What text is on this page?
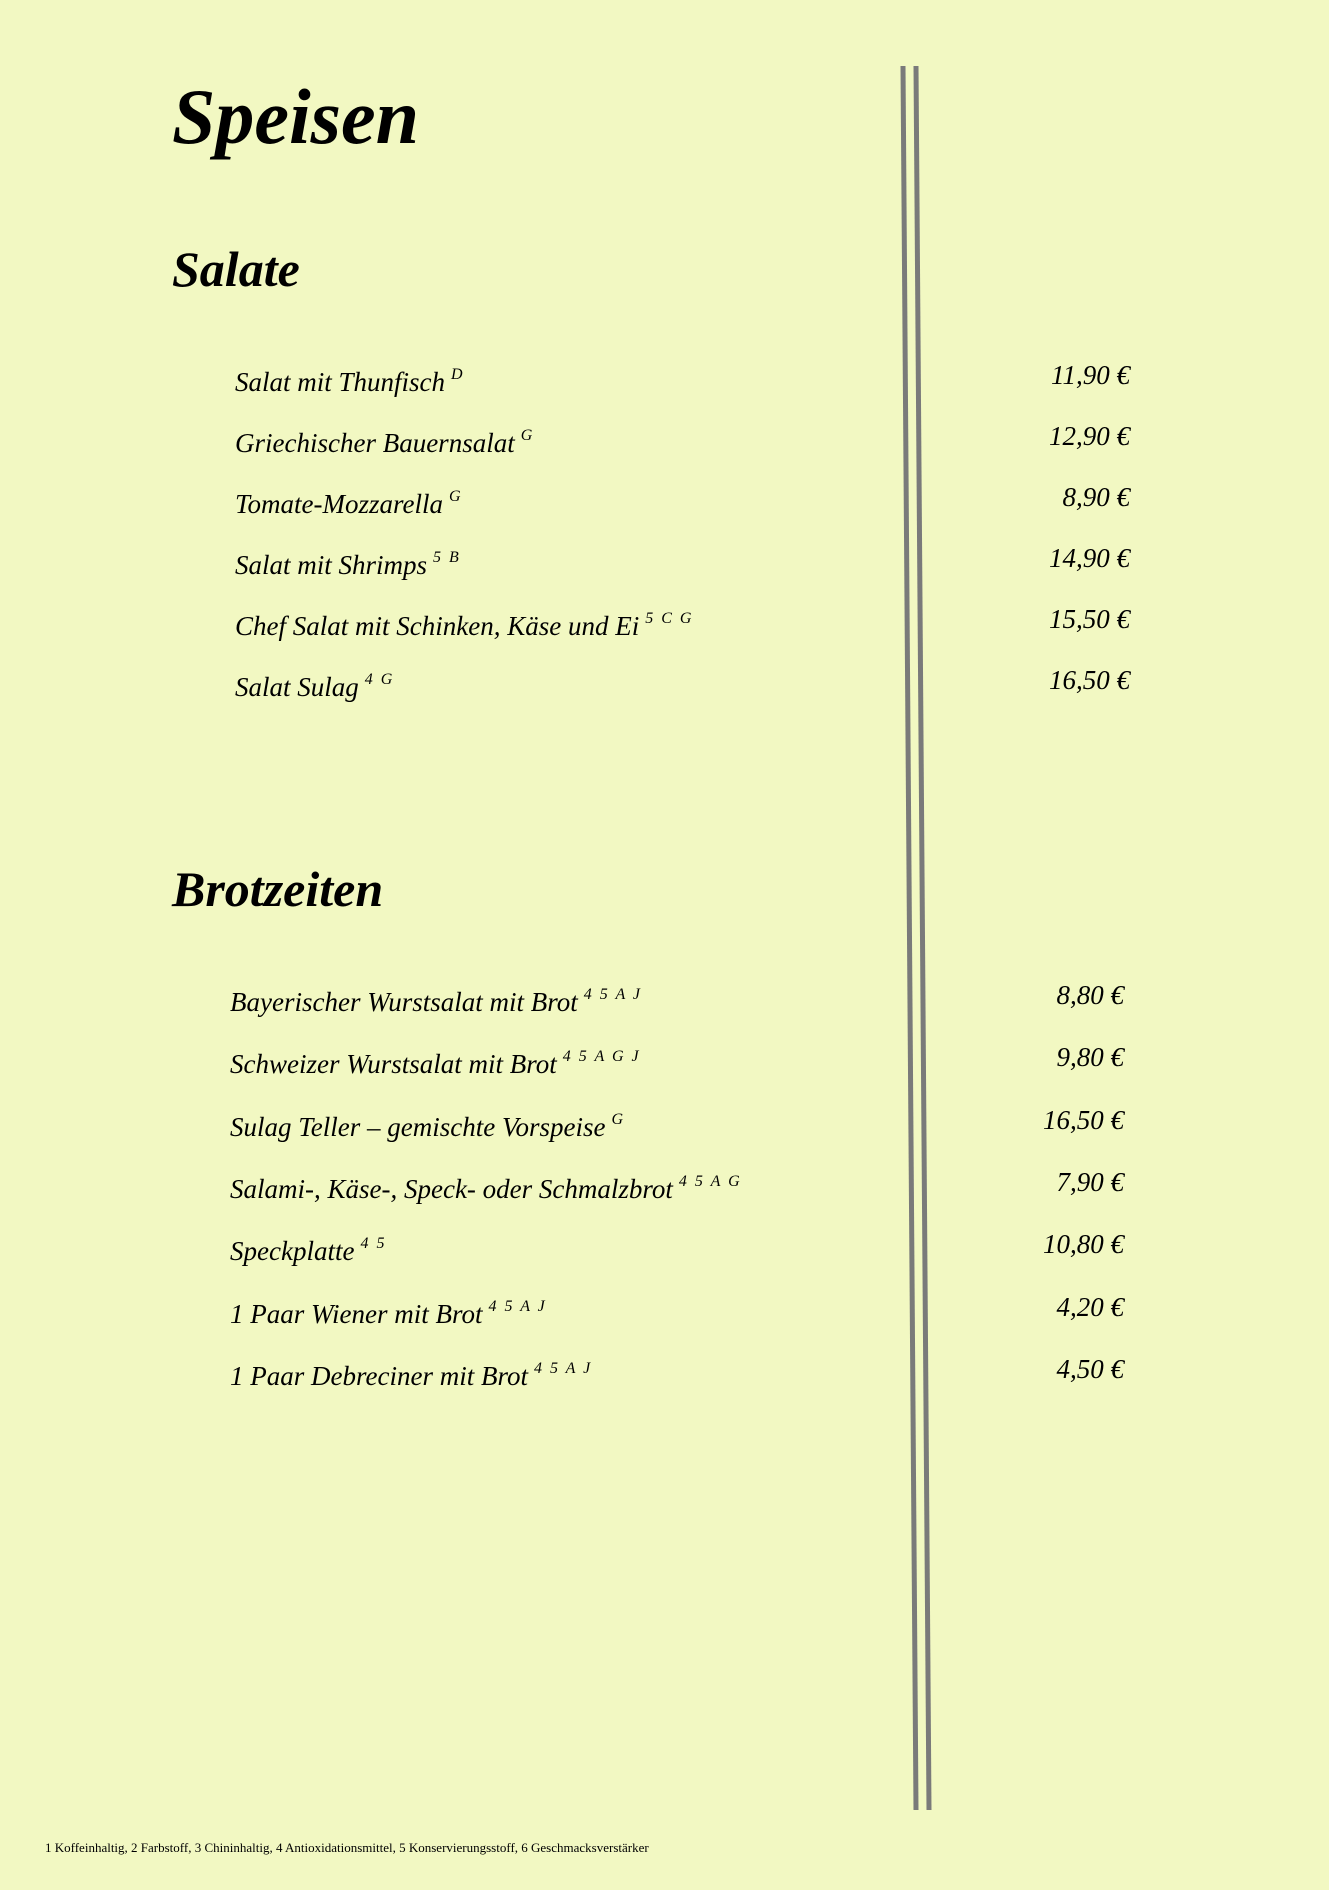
Speisen
Salate
Salat mit Thunfisch $^D$	11,90 €
Griechischer Bauernsalat $^G$	12,90 €
Tomate-Mozzarella $^G$	8,90 €
Salat mit Shrimps $^{5 B}$	14,90 €
Chef Salat mit Schinken, Käse und Ei $^{5 C G}$	15,50 €
Salat Sulag $^{4 G}$	16,50 €
Brotzeiten
Bayerischer Wurstsalat mit Brot $^{4 5 A J}$	8,80 €
Schweizer Wurstsalat mit Brot $^{4 5 A G J}$	9,80 €
Sulag Teller – gemischte Vorspeise $^G$	16,50 €
Salami-, Käse-, Speck- oder Schmalzbrot $^{4 5 A G}$	7,90 €
Speckplatte $^{4 5}$	10,80 €
1 Paar Wiener mit Brot $^{4 5 A J}$	4,20 €
1 Paar Debreciner mit Brot $^{4 5 A J}$	4,50 €
1 Koffeinhaltig, 2 Farbstoff, 3 Chininhaltig, 4 Antioxidationsmittel, 5 Konservierungsstoff, 6 Geschmacksverstärker
